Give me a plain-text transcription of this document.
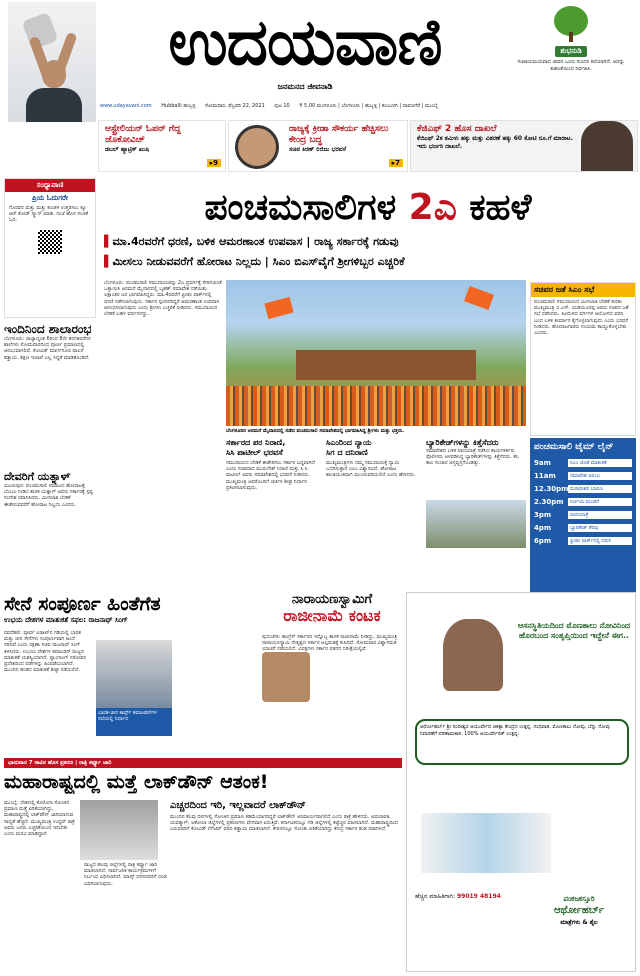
ಉದಯವಾಣಿ
ಜನಮನದ ಜೀವನಾಡಿ
ಶುಭನುಡಿ
ಸುಖಾಯಮಯವಾದ ಜೀವನ ಒಂದು ಸುಂದರ ಕಲೆಯಾಗಿದೆ. ಅದನ್ನು ಕುಶಲತೆಯಿಂದ ನಿರ್ವಹಿಸಿ.
www.udayavani.com Hubballi ಹುಬ್ಬಳ್ಳಿ ಸೋಮವಾರ, ಫೆಬ್ರವರಿ 22, 2021 ಪುಟ 10 ₹ 5.00 ಮಂಗಳೂರು | ಬೆಂಗಳೂರು | ಹುಬ್ಬಳ್ಳಿ | ಕಲಬುರಗಿ | ದಾವಣಗೆರೆ | ಮುಂಬೈ
ಆಸ್ಟ್ರೇಲಿಯನ್ ಓಪನ್ ಗೆದ್ದ ಜೊಕೋವಿಚ್
ಡಬಲ್ ಹ್ಯಾಟ್ರಿಕ್ ಖುಷಿ
▸9
ರಾಜ್ಯಕ್ಕೆ ಕ್ರೀಡಾ ಸೌಕರ್ಯ ಹೆಚ್ಚಿಸಲು ಕೇಂದ್ರ ಬದ್ಧ
ಸಚಿವ ಕಿರಣ್ ರಿಜಿಜು ಭರವಸೆ
▸7
ಕೆಜಿಎಫ್ 2 ಹೊಸ ದಾಖಲೆ
ಕೆಜಿಎಫ್ 2ಕ ತಮಿಳು ಹಕ್ಕು ಮತ್ತು ವಿತರಣೆ ಹಕ್ಕು 60 ಕೋಟಿ ರೂ.ಗೆ ಮಾರಾಟ. ಇದು ಭರ್ಜರಿ ದಾಖಲೆ.
ಸಂಧ್ಯಾವಾಣಿ
ಪ್ರಿಯ ಓದುಗರೇ
ಗೊರವನ ಮತ್ತು ಮತ್ತು ಕುಂಡಳಿ ಉತ್ತರಿಸಲು ಕ್ಯೂ ಆರ್ ಕೋಡ್ ಸ್ಕ್ಯಾನ್ ಮಾಡಿ. ಸಂಜೆ ಹೊಸ ಸಂಚಿಕೆ ಓದಿ.
ಇಂದಿನಿಂದ ಶಾಲಾರಂಭ
ಬೆಂಗಳೂರು: ರಾಜ್ಯಾದ್ಯಂತ 6ರಿಂದ 8ನೇ ತರಗತಿವರೆಗಿನ ಶಾಲೆಗಳು ಸೋಮವಾರದಿಂದ ಪೂರ್ಣ ಪ್ರಮಾಣದಲ್ಲಿ ಆರಂಭವಾಗಲಿವೆ. ಕೋವಿಡ್ ಮಾರ್ಗಸೂಚಿ ಪಾಲನೆ ಕಡ್ಡಾಯ. ಶಿಕ್ಷಣ ಇಲಾಖೆ ಎಲ್ಲ ಸಿದ್ಧತೆ ಮಾಡಿಕೊಂಡಿದೆ.
ದೇವರಿಗೆ ಯತ್ನಾಳ್
ವಿಜಯಪುರ: ಪಂಚಮಸಾಲಿ ಸಮಾಜದ ಹೋರಾಟಕ್ಕೆ ಬೆಂಬಲ ನೀಡಿದ ಶಾಸಕ ಯತ್ನಾಳ್ ಅವರು ಸರ್ಕಾರಕ್ಕೆ ಸ್ಪಷ್ಟ ಸಂದೇಶ ರವಾನಿಸಿದರು. ಮೀಸಲಾತಿ ಬೇಡಿಕೆ ಈಡೇರುವವರೆಗೆ ಹೋರಾಟ ನಿಲ್ಲದು ಎಂದರು.
ಪಂಚಮಸಾಲಿಗಳ 2ಎ ಕಹಳೆ
▌ ಮಾ.4ರವರೆಗೆ ಧರಣಿ, ಬಳಿಕ ಆಮರಣಾಂತ ಉಪವಾಸ | ರಾಜ್ಯ ಸರ್ಕಾರಕ್ಕೆ ಗಡುವು
▌ ಮೀಸಲು ನೀಡುವವರೆಗೆ ಹೋರಾಟ ನಿಲ್ಲದು | ಸಿಎಂ ಬಿಎಸ್‌ವೈಗೆ ಶ್ರೀಗಳಿಬ್ಬರ ಎಚ್ಚರಿಕೆ
ಬೆಂಗಳೂರು: ಪಂಚಮಸಾಲಿ ಸಮುದಾಯವನ್ನು 2ಎ ಪ್ರವರ್ಗಕ್ಕೆ ಸೇರಿಸುವಂತೆ ಒತ್ತಾಯಿಸಿ ಅರಮನೆ ಮೈದಾನದಲ್ಲಿ ಬೃಹತ್ ಸಮಾವೇಶ ನಡೆಯಿತು. ಲಕ್ಷಾಂತರ ಜನ ಭಾಗವಹಿಸಿದ್ದರು. ಮಾ.4ರವರೆಗೆ ಫ್ರೀಡಂ ಪಾರ್ಕ್‌ನಲ್ಲಿ ಧರಣಿ ನಡೆಸಲಾಗುವುದು. ಸರ್ಕಾರ ಸ್ಪಂದಿಸದಿದ್ದರೆ ಆಮರಣಾಂತ ಉಪವಾಸ ಆರಂಭಿಸಲಾಗುವುದು ಎಂದು ಶ್ರೀಗಳು ಎಚ್ಚರಿಕೆ ನೀಡಿದರು. ಸಮುದಾಯದ ಬೇಡಿಕೆ ಬಹಳ ವರ್ಷಗಳದ್ದು.
ಬೆಂಗಳೂರಿನ ಅರಮನೆ ಮೈದಾನದಲ್ಲಿ ನಡೆದ ಪಂಚಮಸಾಲಿ ಸಮಾವೇಶದಲ್ಲಿ ಭಾಗವಹಿಸಿದ್ದ ಶ್ರೀಗಳು ಮತ್ತು ಭಕ್ತರು.
ಸಚಿವರ ಜತೆ ಸಿಎಂ ಸಭೆ
ಪಂಚಮಸಾಲಿ ಸಮುದಾಯದ ಮೀಸಲಾತಿ ಬೇಡಿಕೆ ಕುರಿತು ಮುಖ್ಯಮಂತ್ರಿ ಬಿ.ಎಸ್. ಯಡಿಯೂರಪ್ಪ ಅವರು ಸಚಿವರ ಜತೆ ಸಭೆ ನಡೆಸಿದರು. ಹಿಂದುಳಿದ ವರ್ಗಗಳ ಆಯೋಗದ ವರದಿ ಬಂದ ಬಳಿಕ ತೀರ್ಮಾನ ಕೈಗೊಳ್ಳಲಾಗುವುದು ಎಂದು ಭರವಸೆ ನೀಡಿದರು. ಹೋರಾಟಗಾರರು ಸಂಯಮ ಕಾಯ್ದುಕೊಳ್ಳಬೇಕು ಎಂದರು.
ಸರ್ಕಾರದ ಪರ ನಿರಾಣಿ,
ಸಿಸಿ ಪಾಟೀಲ್ ಭರವಸೆ
ಸಮುದಾಯದ ಬೇಡಿಕೆ ಈಡೇರಿಸಲು ಸರ್ಕಾರ ಬದ್ಧವಾಗಿದೆ ಎಂದು ಸಚಿವರಾದ ಮುರುಗೇಶ್ ನಿರಾಣಿ ಮತ್ತು ಸಿ.ಸಿ. ಪಾಟೀಲ್ ಅವರು ಸಮಾವೇಶದಲ್ಲಿ ಭರವಸೆ ನೀಡಿದರು. ಮುಖ್ಯಮಂತ್ರಿ ಅವರೊಂದಿಗೆ ಚರ್ಚಿಸಿ ಶೀಘ್ರ ನಿರ್ಧಾರ ಪ್ರಕಟಿಸಲಾಗುವುದು.
ಸಿಎಂರಿಂದ ನ್ಯಾಯ
ಸಿಗ ದ ದನಿರಾಣಿ
ಮುಖ್ಯಮಂತ್ರಿಗಳು ನಮ್ಮ ಸಮುದಾಯಕ್ಕೆ ನ್ಯಾಯ ಒದಗಿಸುತ್ತಾರೆ ಎಂಬ ವಿಶ್ವಾಸವಿದೆ. ಹೋರಾಟ ಶಾಂತಿಯುತವಾಗಿ ಮುಂದುವರಿಯಲಿದೆ ಎಂದು ಹೇಳಿದರು.
ಬ್ಯಾರಿಕೇಡ್‌ಗಳನ್ನು ಕಿತ್ತೆಸೆದರು
ಸಮಾವೇಶದ ಬಳಿಕ ಪಾದಯಾತ್ರೆ ನಡೆಸಿದ ಕಾರ್ಯಕರ್ತರು ಪೊಲೀಸರು ಅಳವಡಿಸಿದ್ದ ಬ್ಯಾರಿಕೇಡ್‌ಗಳನ್ನು ಕಿತ್ತೆಸೆದರು. ಕೆಲ ಕಾಲ ಸಂಚಾರ ಅಸ್ತವ್ಯಸ್ತಗೊಂಡಿತ್ತು.
ಪಂಚಮಸಾಲಿ ಟೈಮ್ ಲೈನ್
9am	ಸಿಎಂ ಜೊತೆ ಮಾತುಕತೆ
11am	ಸಮಾವೇಶ ಆರಂಭ
12.30pm ಮಠಾಧೀಶರ ಭಾಷಣ
2.30pm	ನಿರ್ಣಯ ಮಂಡನೆ
3pm	ಪಾದಯಾತ್ರೆ
4pm	ಬ್ಯಾರಿಕೇಡ್ ತೆರವು
6pm	ಫ್ರೀಡಂ ಪಾರ್ಕ್‌ನಲ್ಲಿ ಧರಣಿ
ಸೇನೆ ಸಂಪೂರ್ಣ ಹಿಂತೆಗೆತ
ಉಭಯ ದೇಶಗಳ ಮಾತುಕತೆ ಸಫಲ: ರಾಜನಾಥ್ ಸಿಂಗ್
ನವದೆಹಲಿ: ಪೂರ್ವ ಲಡಾಖ್‌ನ ಗಡಿಯಲ್ಲಿ ಭಾರತ ಮತ್ತು ಚೀನ ಸೇನೆಗಳು ಸಂಪೂರ್ಣವಾಗಿ ಹಿಂದೆ ಸರಿದಿವೆ ಎಂದು ರಕ್ಷಣಾ ಸಚಿವ ರಾಜನಾಥ್ ಸಿಂಗ್ ತಿಳಿಸಿದರು. ಉಭಯ ದೇಶಗಳ ಕಮಾಂಡರ್ ಮಟ್ಟದ ಮಾತುಕತೆ ಯಶಸ್ವಿಯಾಗಿದೆ. ಪ್ಯಾಂಗಾಂಗ್ ಸರೋವರ ಪ್ರದೇಶದಿಂದ ಪಡೆಗಳನ್ನು ಹಿಂಪಡೆಯಲಾಗಿದೆ. ಮುಂದಿನ ಹಂತದ ಮಾತುಕತೆ ಶೀಘ್ರ ನಡೆಯಲಿದೆ.
ಭಾರತ-ಚೀನ ಕಾರ್ಪ್ಸ್ ಕಮಾಂಡರ್‌ಗಳ ಸಭೆಯಲ್ಲಿ ನಿರ್ಧಾರ
ನಾರಾಯಣಸ್ವಾಮಿಗೆ
ರಾಜೀನಾಮೆ ಕಂಟಕ
ಪುದುಚೇರಿ: ಕಾಂಗ್ರೆಸ್ ಸರ್ಕಾರದ ಇನ್ನೊಬ್ಬ ಶಾಸಕ ರಾಜೀನಾಮೆ ನೀಡಿದ್ದು, ಮುಖ್ಯಮಂತ್ರಿ ನಾರಾಯಣಸ್ವಾಮಿ ನೇತೃತ್ವದ ಸರ್ಕಾರ ಅಲ್ಪಮತಕ್ಕೆ ಕುಸಿದಿದೆ. ಸೋಮವಾರ ವಿಶ್ವಾಸಮತ ಯಾಚನೆ ನಡೆಯಲಿದೆ. ವಿಪಕ್ಷಗಳು ಸರ್ಕಾರ ಪತನದ ನಿರೀಕ್ಷೆಯಲ್ಲಿವೆ.
ಆಸನಸ್ಥಿತಿಯದಿಂದ ಮೊಣಕಾಲು ನೋವಿನಿಂದ ಹೊರಬಂದ ಸಂತೃಪ್ತಿಯಿಂದ ಇದ್ದೇನೆ ಈಗ..
ಆರ್ಥೋಹರ್ಬ್ ಶ್ರೀ ನಂದೀಶ್ವರ ಆಯುರ್ವೇದ ಚಿಕಿತ್ಸಾ ಕೇಂದ್ರದ ಉತ್ಪನ್ನ. ಸಂಧಿವಾತ, ಮೊಣಕಾಲು ನೋವು, ಬೆನ್ನು ನೋವು ನಿವಾರಣೆಗೆ ಪರಿಣಾಮಕಾರಿ. 100% ಆಯುರ್ವೇದಿಕ್ ಉತ್ಪನ್ನ.
ಹೆಚ್ಚಿನ ಮಾಹಿತಿಗಾಗಿ: 99019 48194	ಪಂಕಜಕಸ್ತೂರಿ
ಆರ್ಥೋಹರ್ಬ್
ಮಾತ್ರೆಗಳು & ತೈಲ
ಭಾನುವಾರ 7 ಸಾವಿರ ಹೊಸ ಪ್ರಕರಣ | ರಾತ್ರಿ ಕರ್ಫ್ಯೂ ಜಾರಿ
ಮಹಾರಾಷ್ಟ್ರದಲ್ಲಿ ಮತ್ತೆ ಲಾಕ್‌ಡೌನ್ ಆತಂಕ!
ಮುಂಬೈ: ದೇಶದಲ್ಲಿ ಕೊರೊನಾ ಸೋಂಕಿನ ಪ್ರಮಾಣ ಮತ್ತೆ ಏರಿಕೆಯಾಗಿದ್ದು, ಮಹಾರಾಷ್ಟ್ರದಲ್ಲಿ ಲಾಕ್‌ಡೌನ್ ಜಾರಿಯಾಗುವ ಸಾಧ್ಯತೆ ಹೆಚ್ಚಿದೆ. ಮುಖ್ಯಮಂತ್ರಿ ಉದ್ಧವ್ ಠಾಕ್ರೆ ಅವರು ಜನರು ಎಚ್ಚರಿಕೆಯಿಂದ ಇರಬೇಕು ಎಂದು ಮನವಿ ಮಾಡಿದ್ದಾರೆ.
ರಾಜ್ಯದ ಹಲವು ಜಿಲ್ಲೆಗಳಲ್ಲಿ ರಾತ್ರಿ ಕರ್ಫ್ಯೂ ಜಾರಿ ಮಾಡಲಾಗಿದೆ. ಸಾರ್ವಜನಿಕ ಕಾರ್ಯಕ್ರಮಗಳಿಗೆ ನಿರ್ಬಂಧ ವಿಧಿಸಲಾಗಿದೆ. ಮಾಸ್ಕ್ ಧರಿಸದವರಿಗೆ ದಂಡ ವಿಧಿಸಲಾಗುವುದು.
ಎಚ್ಚರದಿಂದ ಇರಿ, ಇಲ್ಲವಾದರೆ ಲಾಕ್‌ಡೌನ್
ಮುಂದಿನ ಕೆಲವು ದಿನಗಳಲ್ಲಿ ಸೋಂಕಿನ ಪ್ರಮಾಣ ಕಡಿಮೆಯಾಗದಿದ್ದರೆ ಲಾಕ್‌ಡೌನ್ ಅನಿವಾರ್ಯವಾಗಲಿದೆ ಎಂದು ಠಾಕ್ರೆ ಹೇಳಿದರು. ಅಮರಾವತಿ, ಯವತ್ಮಾಳ್, ಅಕೋಲಾ ಜಿಲ್ಲೆಗಳಲ್ಲಿ ಪ್ರಕರಣಗಳು ವೇಗವಾಗಿ ಏರುತ್ತಿವೆ. ಕರ್ನಾಟಕದಲ್ಲೂ ಗಡಿ ಜಿಲ್ಲೆಗಳಲ್ಲಿ ಕಟ್ಟೆಚ್ಚರ ವಹಿಸಲಾಗಿದೆ. ಮಹಾರಾಷ್ಟ್ರದಿಂದ ಬರುವವರಿಗೆ ಕೋವಿಡ್ ನೆಗೆಟಿವ್ ವರದಿ ಕಡ್ಡಾಯ ಮಾಡಲಾಗಿದೆ. ಕೇರಳದಲ್ಲೂ ಸೋಂಕು ಏರಿಕೆಯಾಗಿದ್ದು ಕೇಂದ್ರ ಸರ್ಕಾರ ತಂಡ ರವಾನಿಸಿದೆ.
